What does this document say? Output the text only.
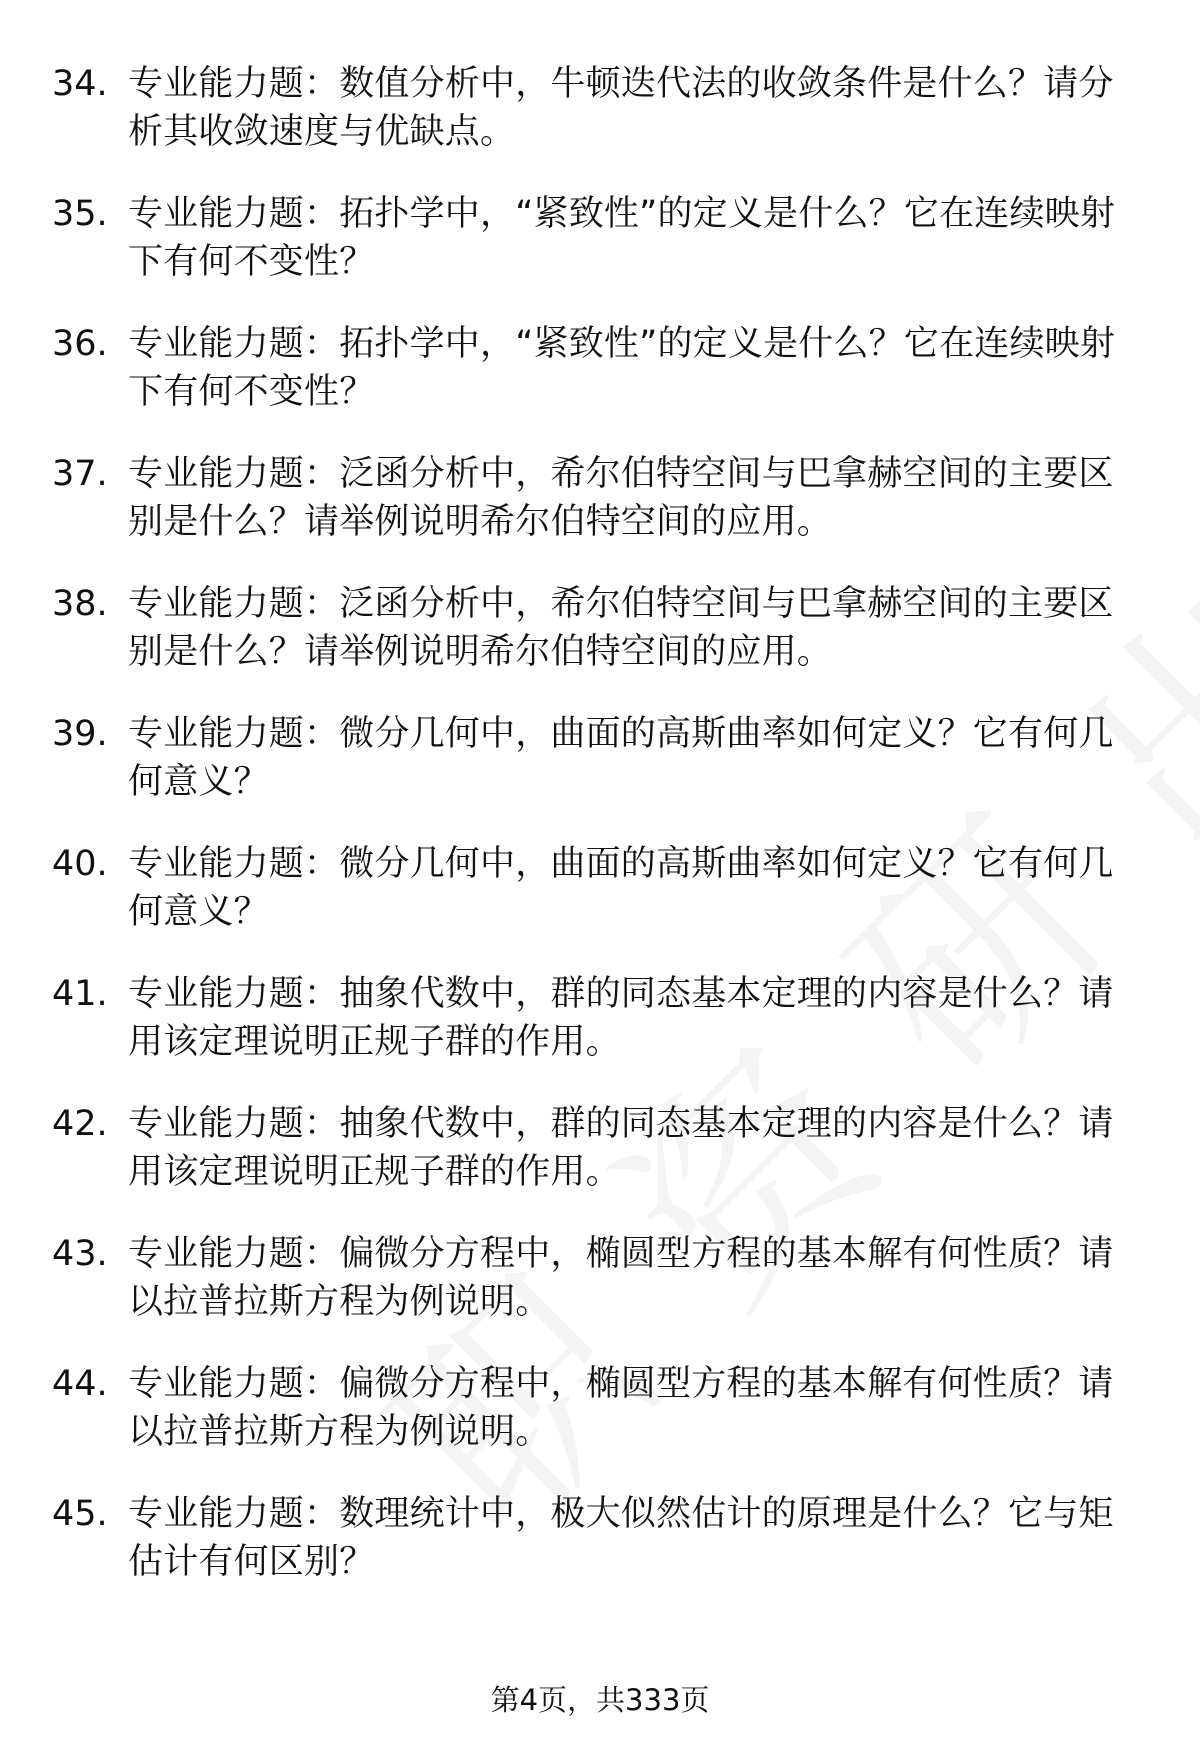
34. 专业能力题：数值分析中，牛顿迭代法的收敛条件是什么？请分析其收敛速度与优缺点。
35. 专业能力题：拓扑学中，“紧致性”的定义是什么？它在连续映射下有何不变性？
36. 专业能力题：拓扑学中，“紧致性”的定义是什么？它在连续映射下有何不变性？
37. 专业能力题：泛函分析中，希尔伯特空间与巴拿赫空间的主要区别是什么？请举例说明希尔伯特空间的应用。
38. 专业能力题：泛函分析中，希尔伯特空间与巴拿赫空间的主要区别是什么？请举例说明希尔伯特空间的应用。
39. 专业能力题：微分几何中，曲面的高斯曲率如何定义？它有何几何意义？
40. 专业能力题：微分几何中，曲面的高斯曲率如何定义？它有何几何意义？
41. 专业能力题：抽象代数中，群的同态基本定理的内容是什么？请用该定理说明正规子群的作用。
42. 专业能力题：抽象代数中，群的同态基本定理的内容是什么？请用该定理说明正规子群的作用。
43. 专业能力题：偏微分方程中，椭圆型方程的基本解有何性质？请以拉普拉斯方程为例说明。
44. 专业能力题：偏微分方程中，椭圆型方程的基本解有何性质？请以拉普拉斯方程为例说明。
45. 专业能力题：数理统计中，极大似然估计的原理是什么？它与矩估计有何区别？
第4页，共333页
